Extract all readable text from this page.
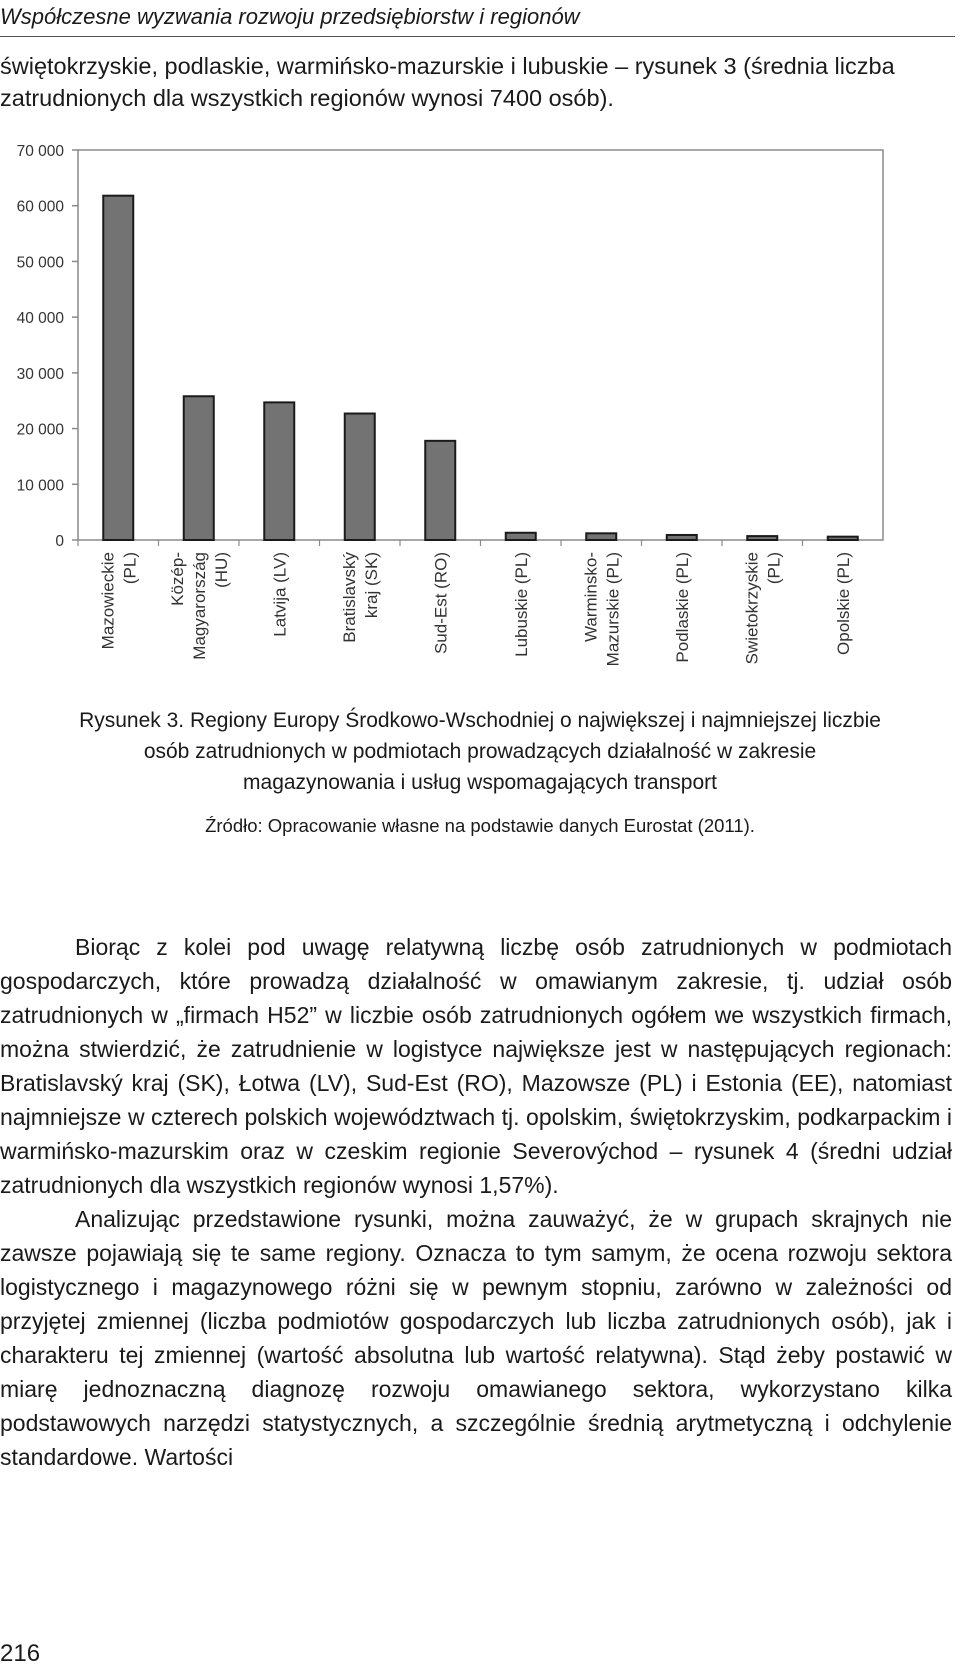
Współczesne wyzwania rozwoju przedsiębiorstw i regionów
świętokrzyskie, podlaskie, warmińsko-mazurskie i lubuskie – rysunek 3 (średnia liczba zatrudnionych dla wszystkich regionów wynosi 7400 osób).
0
10 000
20 000
30 000
40 000
50 000
60 000
70 000
Mazowieckie (PL) Közép- Magyarország (HU) Latvija (LV)	Bratislavský kraj (SK)	Sud-Est (RO)	Lubuskie (PL)	Warminsko- Mazurskie (PL)	Podlaskie (PL)	Swietokrzyskie (PL)	Opolskie (PL)
Rysunek 3. Regiony Europy Środkowo-Wschodniej o największej i najmniejszej liczbie
osób zatrudnionych w podmiotach prowadzących działalność w zakresie
magazynowania i usług wspomagających transport
Źródło: Opracowanie własne na podstawie danych Eurostat (2011).

Biorąc z kolei pod uwagę relatywną liczbę osób zatrudnionych w podmiotach gospodarczych, które prowadzą działalność w omawianym zakresie, tj. udział osób zatrudnionych w „firmach H52” w liczbie osób zatrudnionych ogółem we wszystkich firmach, można stwierdzić, że zatrudnienie w logistyce największe jest w następujących regionach: Bratislavský kraj (SK), Łotwa (LV), Sud-Est (RO), Mazowsze (PL) i Estonia (EE), natomiast najmniejsze w czterech polskich województwach tj. opolskim, świętokrzyskim, podkarpackim i warmińsko-mazurskim oraz w czeskim regionie Severovýchod – rysunek 4 (średni udział zatrudnionych dla wszystkich regionów wynosi 1,57%).

Analizując przedstawione rysunki, można zauważyć, że w grupach skrajnych nie zawsze pojawiają się te same regiony. Oznacza to tym samym, że ocena rozwoju sektora logistycznego i magazynowego różni się w pewnym stopniu, zarówno w zależności od przyjętej zmiennej (liczba podmiotów gospodarczych lub liczba zatrudnionych osób), jak i charakteru tej zmiennej (wartość absolutna lub wartość relatywna). Stąd żeby postawić w miarę jednoznaczną diagnozę rozwoju omawianego sektora, wykorzystano kilka podstawowych narzędzi statystycznych, a szczególnie średnią arytmetyczną i odchylenie standardowe. Wartości

216
